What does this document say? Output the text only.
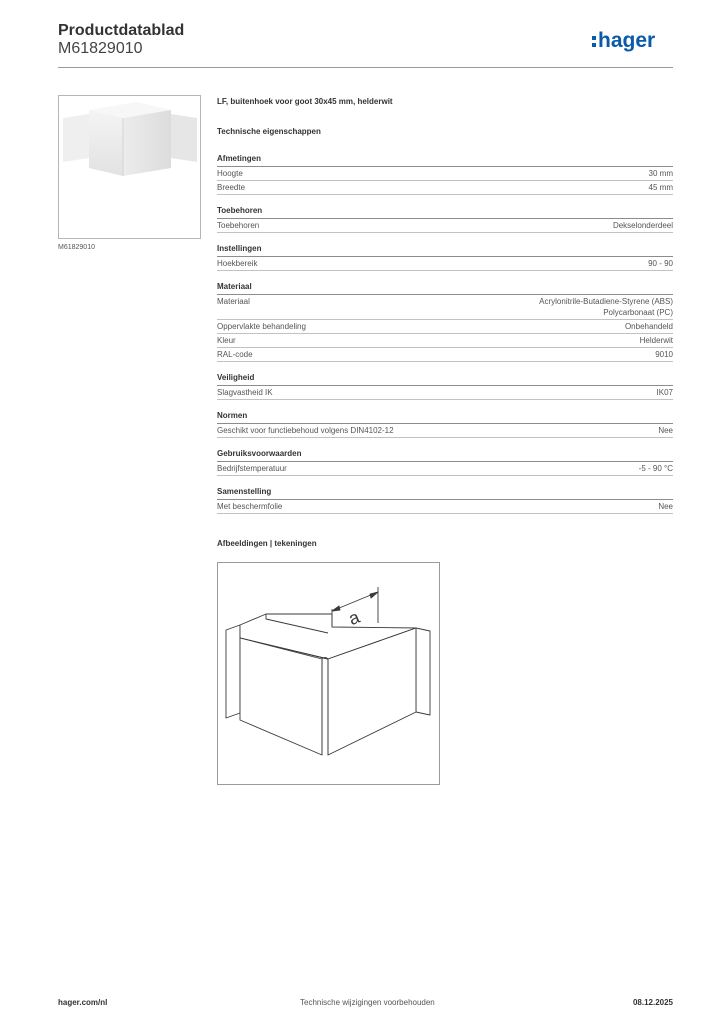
Productdatablad
M61829010	hager
M61829010
LF, buitenhoek voor goot 30x45 mm, helderwit
Technische eigenschappen
Afmetingen
Hoogte	30 mm
Breedte	45 mm
Toebehoren
Toebehoren	Dekselonderdeel
Instellingen
Hoekbereik	90 - 90
Materiaal
Materiaal	Acrylonitrile-Butadiene-Styrene (ABS)
Polycarbonaat (PC)
Oppervlakte behandeling	Onbehandeld
Kleur	Helderwit
RAL-code	9010
Veiligheid
Slagvastheid IK	IK07
Normen
Geschikt voor functiebehoud volgens DIN4102-12	Nee
Gebruiksvoorwaarden
Bedrijfstemperatuur	-5 - 90 °C
Samenstelling
Met beschermfolie	Nee
Afbeeldingen | tekeningen
a
hager.com/nl	Technische wijzigingen voorbehouden	08.12.2025
